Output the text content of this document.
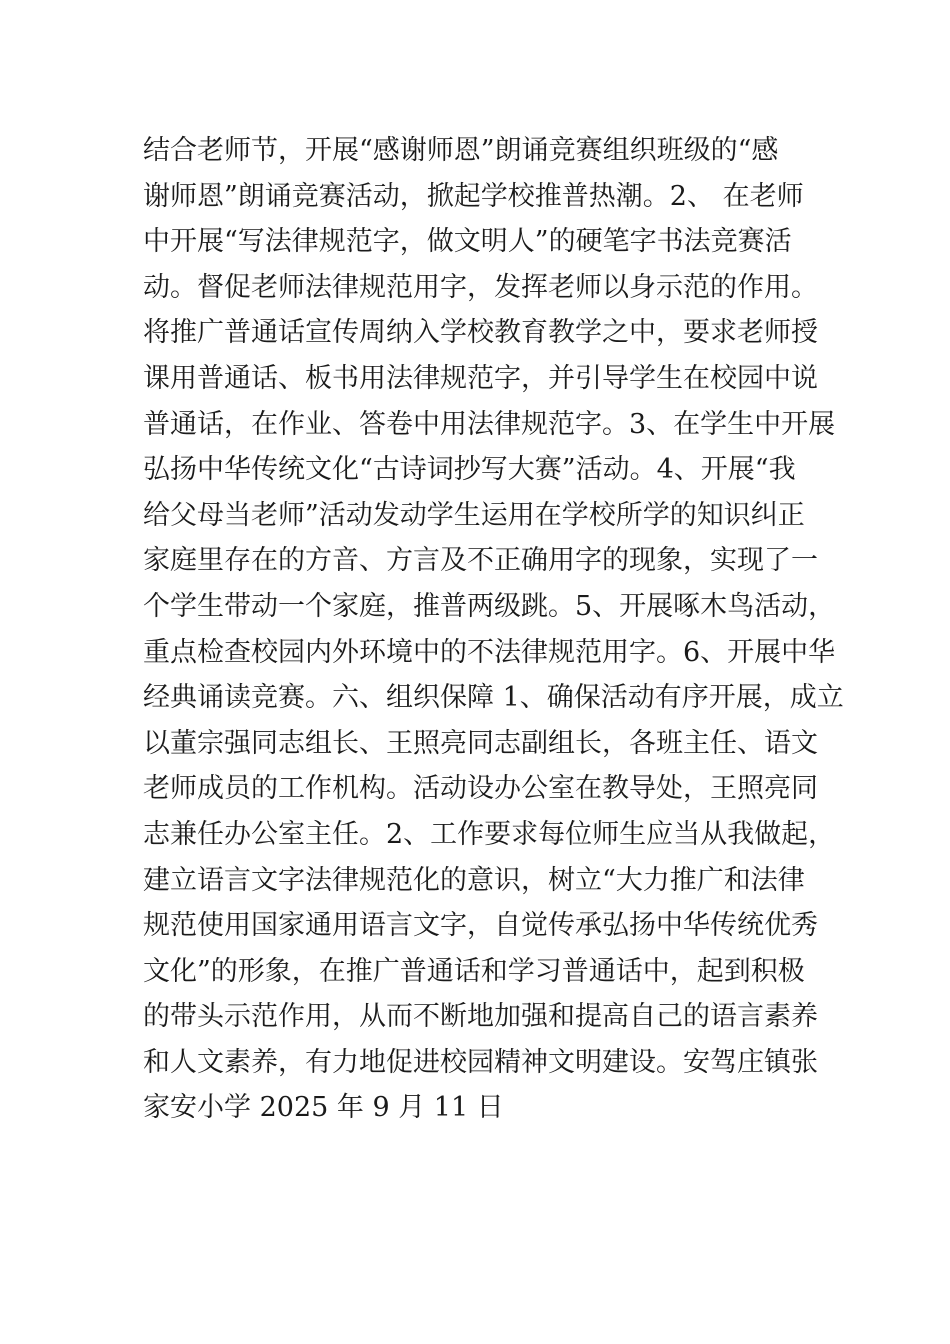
结合老师节，开展“感谢师恩”朗诵竞赛组织班级的“感
谢师恩”朗诵竞赛活动，掀起学校推普热潮。2、 在老师
中开展“写法律规范字，做文明人”的硬笔字书法竞赛活
动。督促老师法律规范用字，发挥老师以身示范的作用。
将推广普通话宣传周纳入学校教育教学之中，要求老师授
课用普通话、板书用法律规范字，并引导学生在校园中说
普通话，在作业、答卷中用法律规范字。3、在学生中开展
弘扬中华传统文化“古诗词抄写大赛”活动。4、开展“我
给父母当老师”活动发动学生运用在学校所学的知识纠正
家庭里存在的方音、方言及不正确用字的现象，实现了一
个学生带动一个家庭，推普两级跳。5、开展啄木鸟活动，
重点检查校园内外环境中的不法律规范用字。6、开展中华
经典诵读竞赛。六、组织保障 1、确保活动有序开展，成立
以董宗强同志组长、王照亮同志副组长，各班主任、语文
老师成员的工作机构。活动设办公室在教导处，王照亮同
志兼任办公室主任。2、工作要求每位师生应当从我做起，
建立语言文字法律规范化的意识，树立“大力推广和法律
规范使用国家通用语言文字，自觉传承弘扬中华传统优秀
文化”的形象，在推广普通话和学习普通话中，起到积极
的带头示范作用，从而不断地加强和提高自己的语言素养
和人文素养，有力地促进校园精神文明建设。安驾庄镇张
家安小学 2025 年 9 月 11 日
